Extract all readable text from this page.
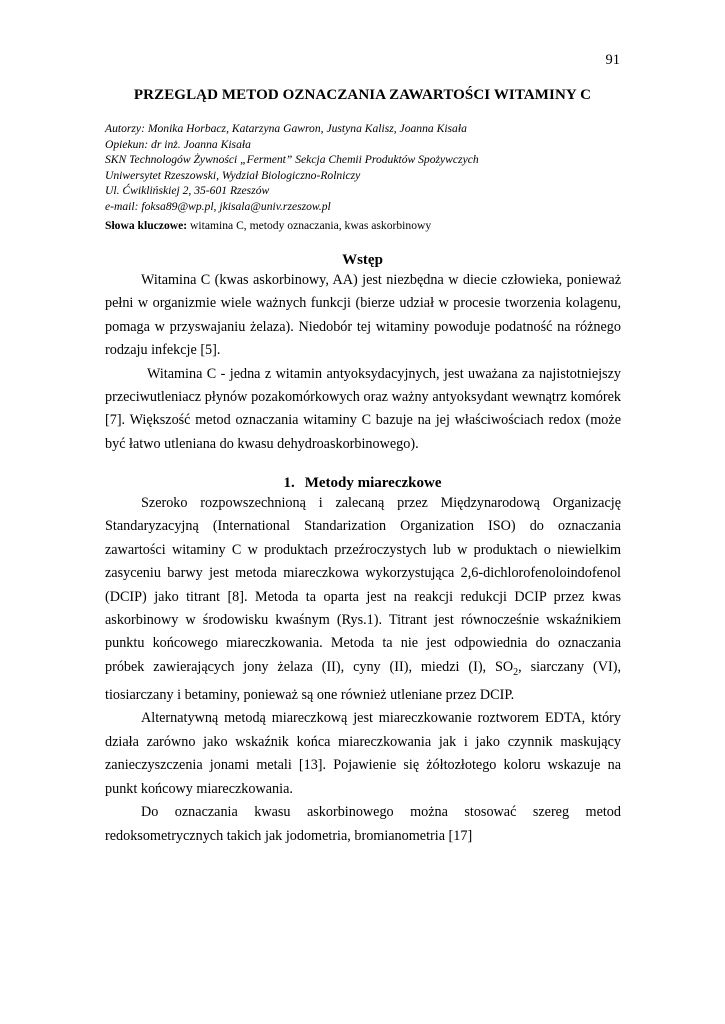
91
PRZEGLĄD METOD OZNACZANIA ZAWARTOŚCI WITAMINY C
Autorzy: Monika Horbacz, Katarzyna Gawron, Justyna Kalisz, Joanna Kisała
Opiekun: dr inż. Joanna Kisała
SKN Technologów Żywności „Ferment” Sekcja Chemii Produktów Spożywczych
Uniwersytet Rzeszowski, Wydział Biologiczno-Rolniczy
Ul. Ćwiklińskiej 2, 35-601 Rzeszów
e-mail: foksa89@wp.pl, jkisala@univ.rzeszow.pl
Słowa kluczowe: witamina C, metody oznaczania, kwas askorbinowy
Wstęp

Witamina C (kwas askorbinowy, AA) jest niezbędna w diecie człowieka, ponieważ pełni w organizmie wiele ważnych funkcji (bierze udział w procesie tworzenia kolagenu, pomaga w przyswajaniu żelaza). Niedobór tej witaminy powoduje podatność na różnego rodzaju infekcje [5].

Witamina C - jedna z witamin antyoksydacyjnych, jest uważana za najistotniejszy przeciwutleniacz płynów pozakomórkowych oraz ważny antyoksydant wewnątrz komórek [7]. Większość metod oznaczania witaminy C bazuje na jej właściwościach redox (może być łatwo utleniana do kwasu dehydroaskorbinowego).

1. Metody miareczkowe

Szeroko rozpowszechnioną i zalecaną przez Międzynarodową Organizację Standaryzacyjną (International Standarization Organization ISO) do oznaczania zawartości witaminy C w produktach przeźroczystych lub w produktach o niewielkim zasyceniu barwy jest metoda miareczkowa wykorzystująca 2,6-dichlorofenoloindofenol (DCIP) jako titrant [8]. Metoda ta oparta jest na reakcji redukcji DCIP przez kwas askorbinowy w środowisku kwaśnym (Rys.1). Titrant jest równocześnie wskaźnikiem punktu końcowego miareczkowania. Metoda ta nie jest odpowiednia do oznaczania próbek zawierających jony żelaza (II), cyny (II), miedzi (I), $SO_2$, siarczany (VI), tiosiarczany i betaminy, ponieważ są one również utleniane przez DCIP.

Alternatywną metodą miareczkową jest miareczkowanie roztworem EDTA, który działa zarówno jako wskaźnik końca miareczkowania jak i jako czynnik maskujący zanieczyszczenia jonami metali [13]. Pojawienie się żółtozłotego koloru wskazuje na punkt końcowy miareczkowania.

Do oznaczania kwasu askorbinowego można stosować szereg metod redoksometrycznych takich jak jodometria, bromianometria [17]
